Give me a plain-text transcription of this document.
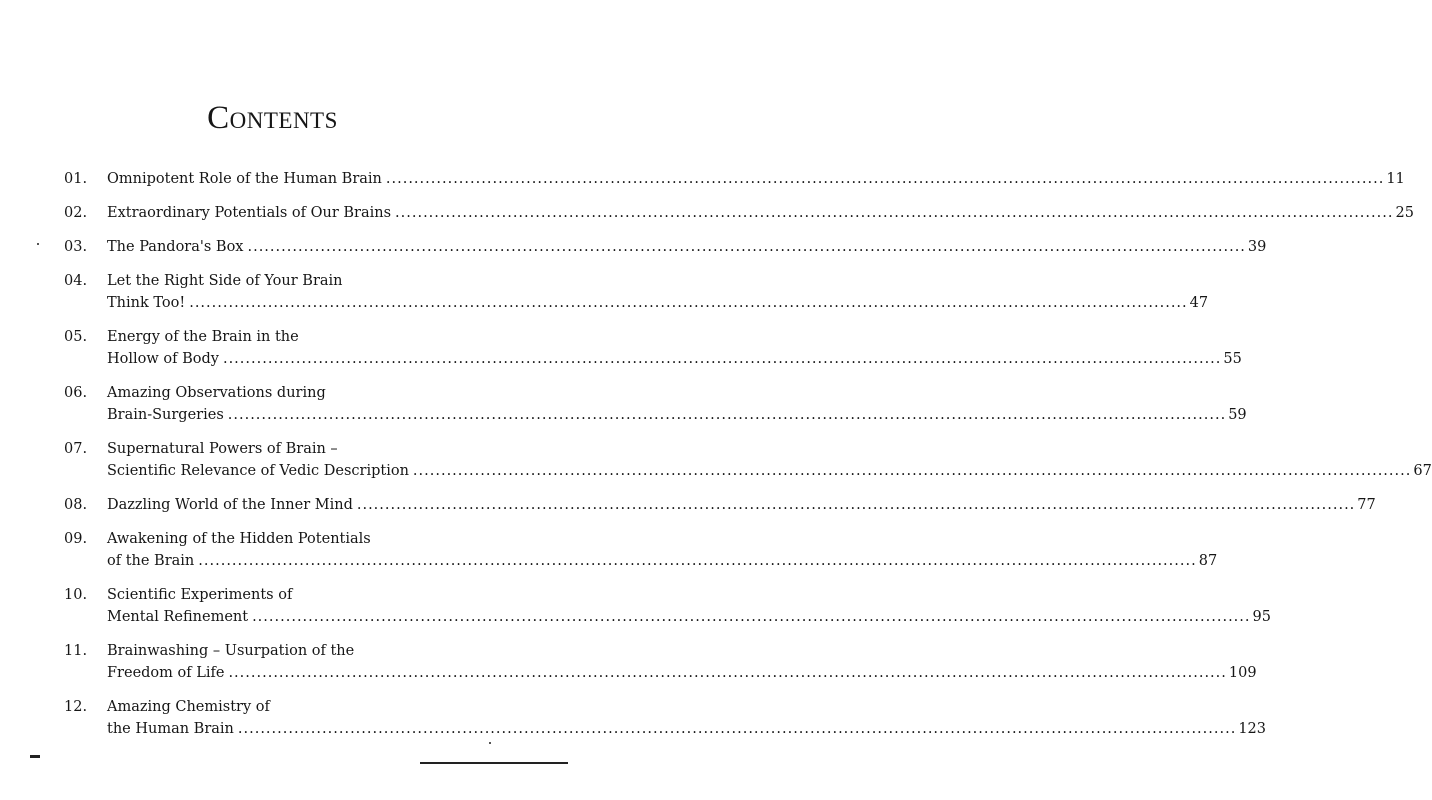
Contents
01.	Omnipotent Role of the Human Brain .....	11
02.	Extraordinary Potentials of Our Brains .....	25
03.	The Pandora's Box .....	39
04.	Let the Right Side of Your Brain
Think Too! .....	47
05.	Energy of the Brain in the
Hollow of Body .....	55
06.	Amazing Observations during
Brain-Surgeries .....	59
07.	Supernatural Powers of Brain –
Scientific Relevance of Vedic Description .....	67
08.	Dazzling World of the Inner Mind .....	77
09.	Awakening of the Hidden Potentials
of the Brain .....	87
10.	Scientific Experiments of
Mental Refinement .....	95
11.	Brainwashing – Usurpation of the
Freedom of Life .....	109
12.	Amazing Chemistry of
the Human Brain .....	123
